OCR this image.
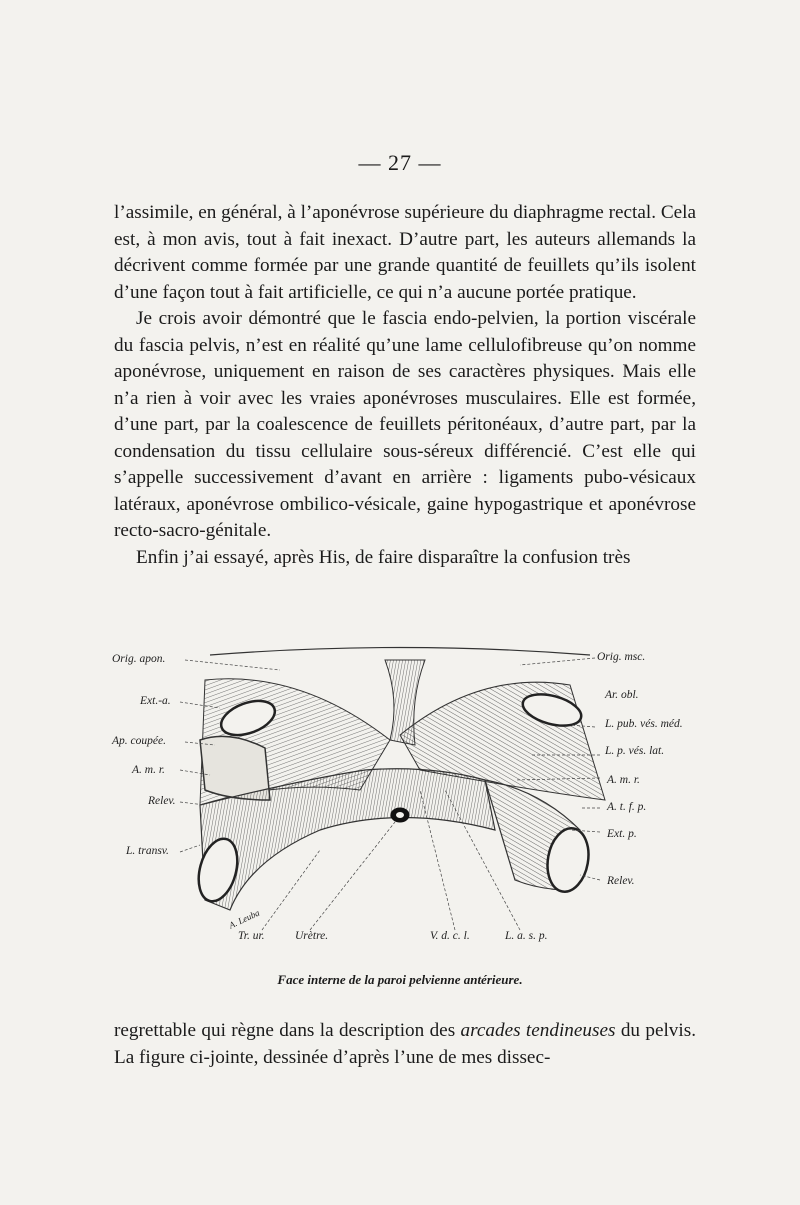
— 27 —

l’assimile, en général, à l’aponévrose supérieure du diaphragme rectal. Cela est, à mon avis, tout à fait inexact. D’autre part, les auteurs allemands la décrivent comme formée par une grande quantité de feuillets qu’ils isolent d’une façon tout à fait artificielle, ce qui n’a aucune portée pratique.

Je crois avoir démontré que le fascia endo-pelvien, la portion viscérale du fascia pelvis, n’est en réalité qu’une lame cellulofibreuse qu’on nomme aponévrose, uniquement en raison de ses caractères physiques. Mais elle n’a rien à voir avec les vraies aponévroses musculaires. Elle est formée, d’une part, par la coalescence de feuillets péritonéaux, d’autre part, par la condensation du tissu cellulaire sous-séreux différencié. C’est elle qui s’appelle successivement d’avant en arrière : ligaments pubo-vésicaux latéraux, aponévrose ombilico-vésicale, gaine hypogastrique et aponévrose recto-sacro-génitale.

Enfin j’ai essayé, après His, de faire disparaître la confusion très

Orig. apon.
Ext.-a.
Ap. coupée.
A. m. r.
Relev.
L. transv.
Orig. msc.
Ar. obl.
L. pub. vés. méd.
L. p. vés. lat.
A. m. r.
A. t. f. p.
Ext. p.
Relev.
Tr. ur.	Urètre.	V. d. c. l.	L. a. s. p.
A. Leuba
Face interne de la paroi pelvienne antérieure.

regrettable qui règne dans la description des arcades tendineuses du pelvis. La figure ci-jointe, dessinée d’après l’une de mes dissec-
